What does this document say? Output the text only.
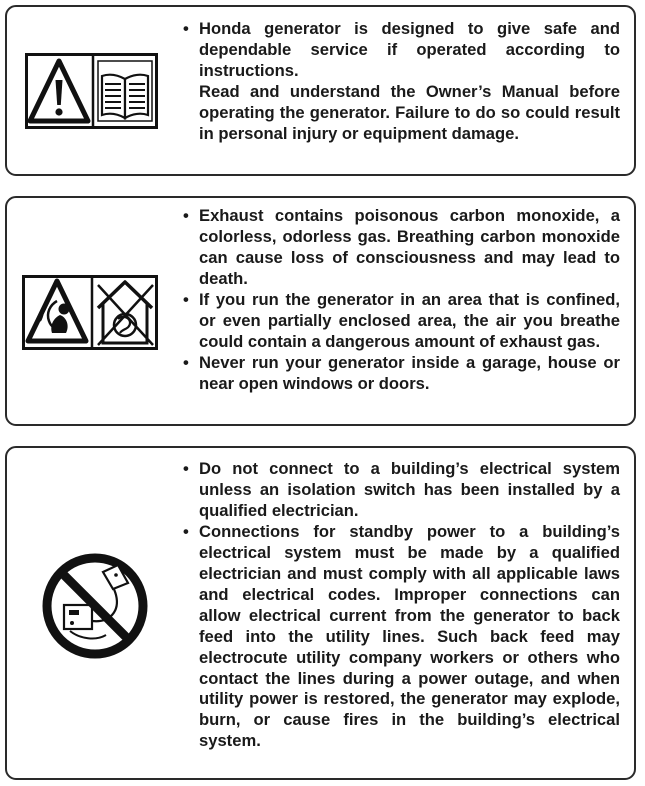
• Honda generator is designed to give safe and dependable service if operated according to instructions.
Read and understand the Owner’s Manual before operating the generator. Failure to do so could result in personal injury or equipment damage.
• Exhaust contains poisonous carbon monoxide, a colorless, odorless gas. Breathing carbon monoxide can cause loss of consciousness and may lead to death.
• If you run the generator in an area that is confined, or even partially enclosed area, the air you breathe could contain a dangerous amount of exhaust gas.
• Never run your generator inside a garage, house or near open windows or doors.
• Do not connect to a building’s electrical system unless an isolation switch has been installed by a qualified electrician.
• Connections for standby power to a building’s electrical system must be made by a qualified electrician and must comply with all applicable laws and electrical codes. Improper connections can allow electrical current from the generator to back feed into the utility lines. Such back feed may electrocute utility company workers or others who contact the lines during a power outage, and when utility power is restored, the generator may explode, burn, or cause fires in the building’s electrical system.
